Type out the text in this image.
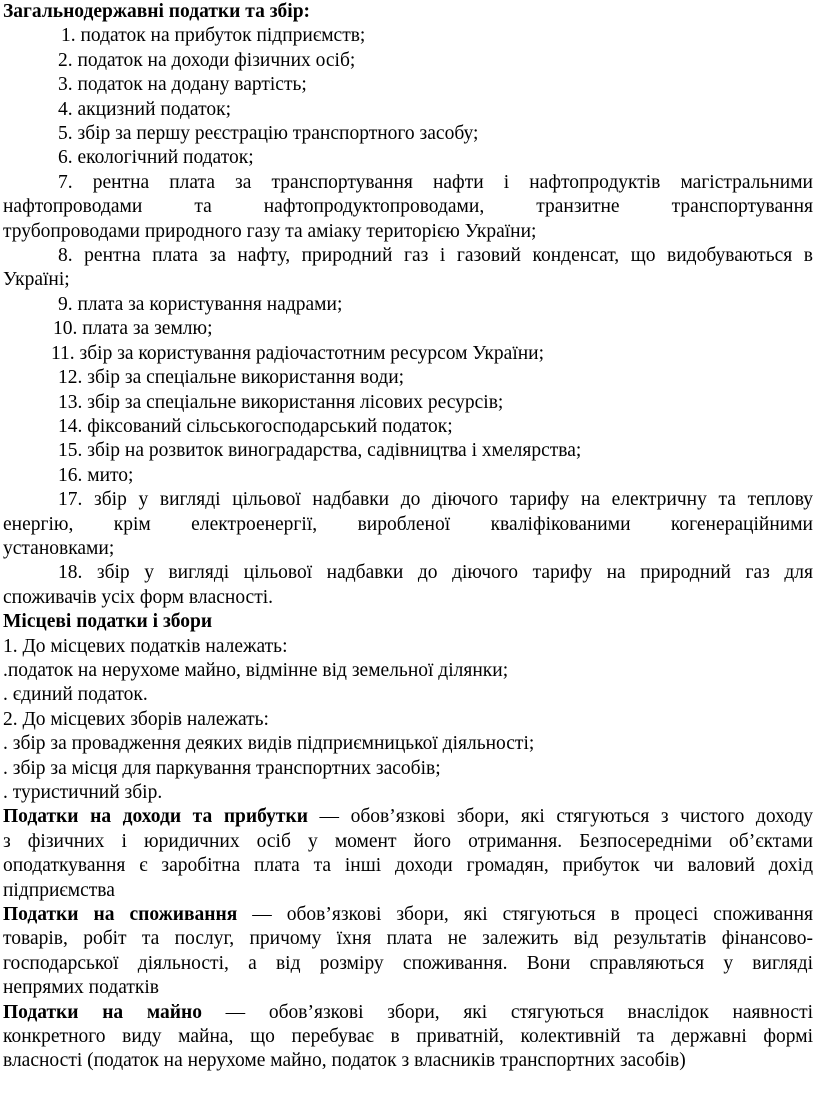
Загальнодержавні податки та збір:
1. податок на прибуток підприємств;
2. податок на доходи фізичних осіб;
3. податок на додану вартість;
4. акцизний податок;
5. збір за першу реєстрацію транспортного засобу;
6. екологічний податок;
7. рентна плата за транспортування нафти і нафтопродуктів магістральними
нафтопроводами та нафтопродуктопроводами, транзитне транспортування
трубопроводами природного газу та аміаку територією України;
8. рентна плата за нафту, природний газ і газовий конденсат, що видобуваються в
Україні;
9. плата за користування надрами;
10. плата за землю;
11. збір за користування радіочастотним ресурсом України;
12. збір за спеціальне використання води;
13. збір за спеціальне використання лісових ресурсів;
14. фіксований сільськогосподарський податок;
15. збір на розвиток виноградарства, садівництва і хмелярства;
16. мито;
17. збір у вигляді цільової надбавки до діючого тарифу на електричну та теплову
енергію, крім електроенергії, виробленої кваліфікованими когенераційними
установками;
18. збір у вигляді цільової надбавки до діючого тарифу на природний газ для
споживачів усіх форм власності.
Місцеві податки і збори
1. До місцевих податків належать:
.податок на нерухоме майно, відмінне від земельної ділянки;
. єдиний податок.
2. До місцевих зборів належать:
. збір за провадження деяких видів підприємницької діяльності;
. збір за місця для паркування транспортних засобів;
. туристичний збір.
Податки на доходи та прибутки — обов’язкові збори, які стягуються з чистого доходу
з фізичних і юридичних осіб у момент його отримання. Безпосередніми об’єктами
оподаткування є заробітна плата та інші доходи громадян, прибуток чи валовий дохід
підприємства
Податки на споживання — обов’язкові збори, які стягуються в процесі споживання
товарів, робіт та послуг, причому їхня плата не залежить від результатів фінансово-
господарської діяльності, а від розміру споживання. Вони справляються у вигляді
непрямих податків
Податки на майно — обов’язкові збори, які стягуються внаслідок наявності
конкретного виду майна, що перебуває в приватній, колективній та державні формі
власності (податок на нерухоме майно, податок з власників транспортних засобів)
